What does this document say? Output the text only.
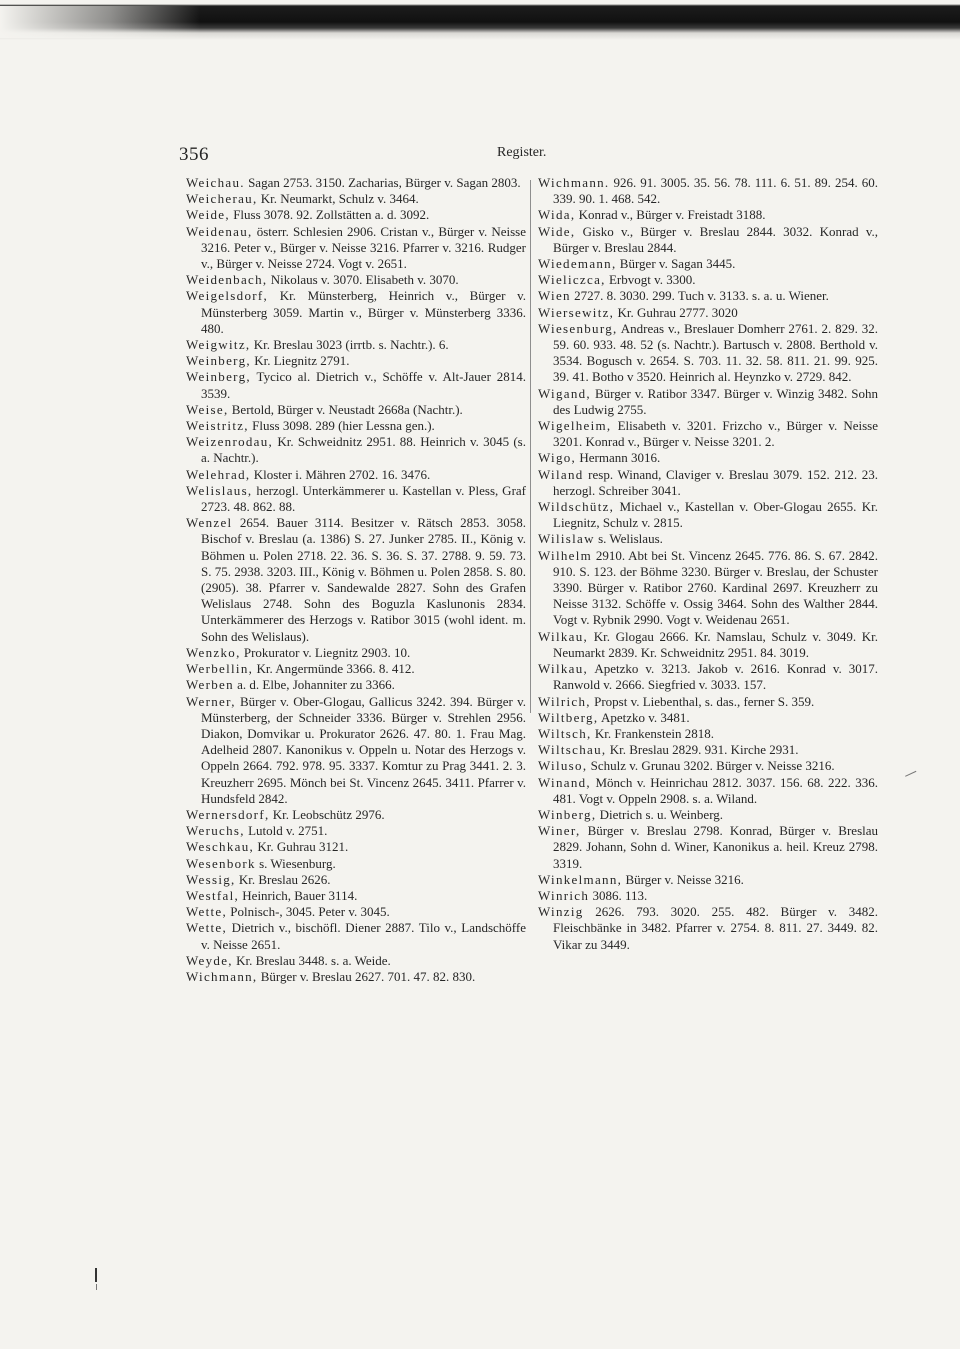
356	Register.

Weichau. Sagan 2753. 3150. Zacharias, Bürger v. Sagan 2803.

Weicherau, Kr. Neumarkt, Schulz v. 3464.

Weide, Fluss 3078. 92. Zollstätten a. d. 3092.

Weidenau, österr. Schlesien 2906. Cristan v., Bürger v. Neisse 3216. Peter v., Bürger v. Neisse 3216. Pfarrer v. 3216. Rudger v., Bürger v. Neisse 2724. Vogt v. 2651.

Weidenbach, Nikolaus v. 3070. Elisabeth v. 3070.

Weigelsdorf, Kr. Münsterberg, Heinrich v., Bürger v. Münsterberg 3059. Martin v., Bürger v. Münsterberg 3336. 480.

Weigwitz, Kr. Breslau 3023 (irrtb. s. Nachtr.). 6.

Weinberg, Kr. Liegnitz 2791.

Weinberg, Tycico al. Dietrich v., Schöffe v. Alt-Jauer 2814. 3539.

Weise, Bertold, Bürger v. Neustadt 2668a (Nachtr.).

Weistritz, Fluss 3098. 289 (hier Lessna gen.).

Weizenrodau, Kr. Schweidnitz 2951. 88. Heinrich v. 3045 (s. a. Nachtr.).

Welehrad, Kloster i. Mähren 2702. 16. 3476.

Welislaus, herzogl. Unterkämmerer u. Kastellan v. Pless, Graf 2723. 48. 862. 88.

Wenzel 2654. Bauer 3114. Besitzer v. Rätsch 2853. 3058. Bischof v. Breslau (a. 1386) S. 27. Junker 2785. II., König v. Böhmen u. Polen 2718. 22. 36. S. 36. S. 37. 2788. 9. 59. 73. S. 75. 2938. 3203. III., König v. Böhmen u. Polen 2858. S. 80. (2905). 38. Pfarrer v. Sandewalde 2827. Sohn des Grafen Welislaus 2748. Sohn des Boguzla Kaslunonis 2834. Unterkämmerer des Herzogs v. Ratibor 3015 (wohl ident. m. Sohn des Welislaus).

Wenzko, Prokurator v. Liegnitz 2903. 10.

Werbellin, Kr. Angermünde 3366. 8. 412.

Werben a. d. Elbe, Johanniter zu 3366.

Werner, Bürger v. Ober-Glogau, Gallicus 3242. 394. Bürger v. Münsterberg, der Schneider 3336. Bürger v. Strehlen 2956. Diakon, Domvikar u. Prokurator 2626. 47. 80. 1. Frau Mag. Adelheid 2807. Kanonikus v. Oppeln u. Notar des Herzogs v. Oppeln 2664. 792. 978. 95. 3337. Komtur zu Prag 3441. 2. 3. Kreuzherr 2695. Mönch bei St. Vincenz 2645. 3411. Pfarrer v. Hundsfeld 2842.

Wernersdorf, Kr. Leobschütz 2976.

Weruchs, Lutold v. 2751.

Weschkau, Kr. Guhrau 3121.

Wesenbork s. Wiesenburg.

Wessig, Kr. Breslau 2626.

Westfal, Heinrich, Bauer 3114.

Wette, Polnisch-, 3045. Peter v. 3045.

Wette, Dietrich v., bischöfl. Diener 2887. Tilo v., Landschöffe v. Neisse 2651.

Weyde, Kr. Breslau 3448. s. a. Weide.

Wichmann, Bürger v. Breslau 2627. 701. 47. 82. 830.

Wichmann. 926. 91. 3005. 35. 56. 78. 111. 6. 51. 89. 254. 60. 339. 90. 1. 468. 542.

Wida, Konrad v., Bürger v. Freistadt 3188.

Wide, Gisko v., Bürger v. Breslau 2844. 3032. Konrad v., Bürger v. Breslau 2844.

Wiedemann, Bürger v. Sagan 3445.

Wieliczca, Erbvogt v. 3300.

Wien 2727. 8. 3030. 299. Tuch v. 3133. s. a. u. Wiener.

Wiersewitz, Kr. Guhrau 2777. 3020

Wiesenburg, Andreas v., Breslauer Domherr 2761. 2. 829. 32. 59. 60. 933. 48. 52 (s. Nachtr.). Bartusch v. 2808. Berthold v. 3534. Bogusch v. 2654. S. 703. 11. 32. 58. 811. 21. 99. 925. 39. 41. Botho v 3520. Heinrich al. Heynzko v. 2729. 842.

Wigand, Bürger v. Ratibor 3347. Bürger v. Winzig 3482. Sohn des Ludwig 2755.

Wigelheim, Elisabeth v. 3201. Frizcho v., Bürger v. Neisse 3201. Konrad v., Bürger v. Neisse 3201. 2.

Wigo, Hermann 3016.

Wiland resp. Winand, Claviger v. Breslau 3079. 152. 212. 23. herzogl. Schreiber 3041.

Wildschütz, Michael v., Kastellan v. Ober-Glogau 2655. Kr. Liegnitz, Schulz v. 2815.

Wilislaw s. Welislaus.

Wilhelm 2910. Abt bei St. Vincenz 2645. 776. 86. S. 67. 2842. 910. S. 123. der Böhme 3230. Bürger v. Breslau, der Schuster 3390. Bürger v. Ratibor 2760. Kardinal 2697. Kreuzherr zu Neisse 3132. Schöffe v. Ossig 3464. Sohn des Walther 2844. Vogt v. Rybnik 2990. Vogt v. Weidenau 2651.

Wilkau, Kr. Glogau 2666. Kr. Namslau, Schulz v. 3049. Kr. Neumarkt 2839. Kr. Schweidnitz 2951. 84. 3019.

Wilkau, Apetzko v. 3213. Jakob v. 2616. Konrad v. 3017. Ranwold v. 2666. Siegfried v. 3033. 157.

Wilrich, Propst v. Liebenthal, s. das., ferner S. 359.

Wiltberg, Apetzko v. 3481.

Wiltsch, Kr. Frankenstein 2818.

Wiltschau, Kr. Breslau 2829. 931. Kirche 2931.

Wiluso, Schulz v. Grunau 3202. Bürger v. Neisse 3216.

Winand, Mönch v. Heinrichau 2812. 3037. 156. 68. 222. 336. 481. Vogt v. Oppeln 2908. s. a. Wiland.

Winberg, Dietrich s. u. Weinberg.

Winer, Bürger v. Breslau 2798. Konrad, Bürger v. Breslau 2829. Johann, Sohn d. Winer, Kanonikus a. heil. Kreuz 2798. 3319.

Winkelmann, Bürger v. Neisse 3216.

Winrich 3086. 113.

Winzig 2626. 793. 3020. 255. 482. Bürger v. 3482. Fleischbänke in 3482. Pfarrer v. 2754. 8. 811. 27. 3449. 82. Vikar zu 3449.
